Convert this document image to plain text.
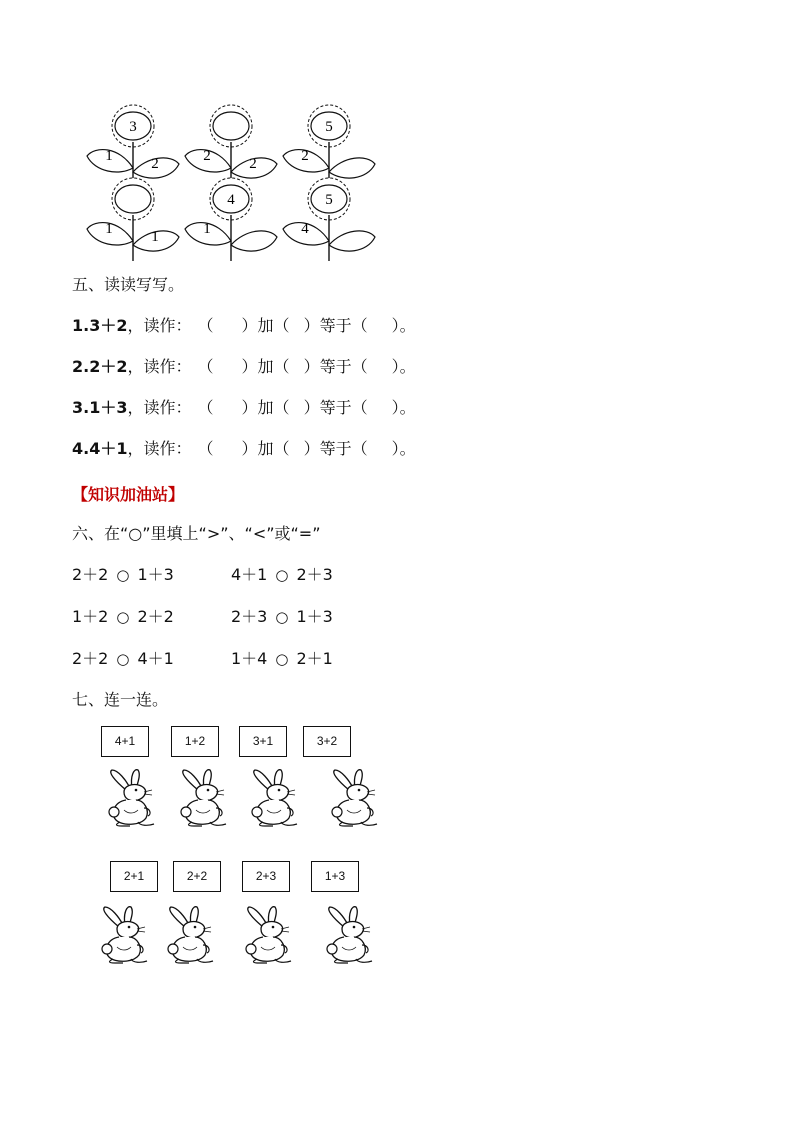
3
1	2	2	2
5
2
1	1
4
1
5
4
五、读读写写。
1.3＋2，读作： （ ）加（ ）等于（ ）。
2.2＋2，读作： （ ）加（ ）等于（ ）。
3.1＋3，读作： （ ）加（ ）等于（ ）。
4.4＋1，读作： （ ）加（ ）等于（ ）。
【知识加油站】
六、在“○”里填上“>”、“<”或“=”
2＋2 ○ 1＋3	4＋1 ○ 2＋3
1＋2 ○ 2＋2	2＋3 ○ 1＋3
2＋2 ○ 4＋1	1＋4 ○ 2＋1
七、连一连。
4+1	1+2	3+1	3+2
2+1	2+2	2+3	1+3
